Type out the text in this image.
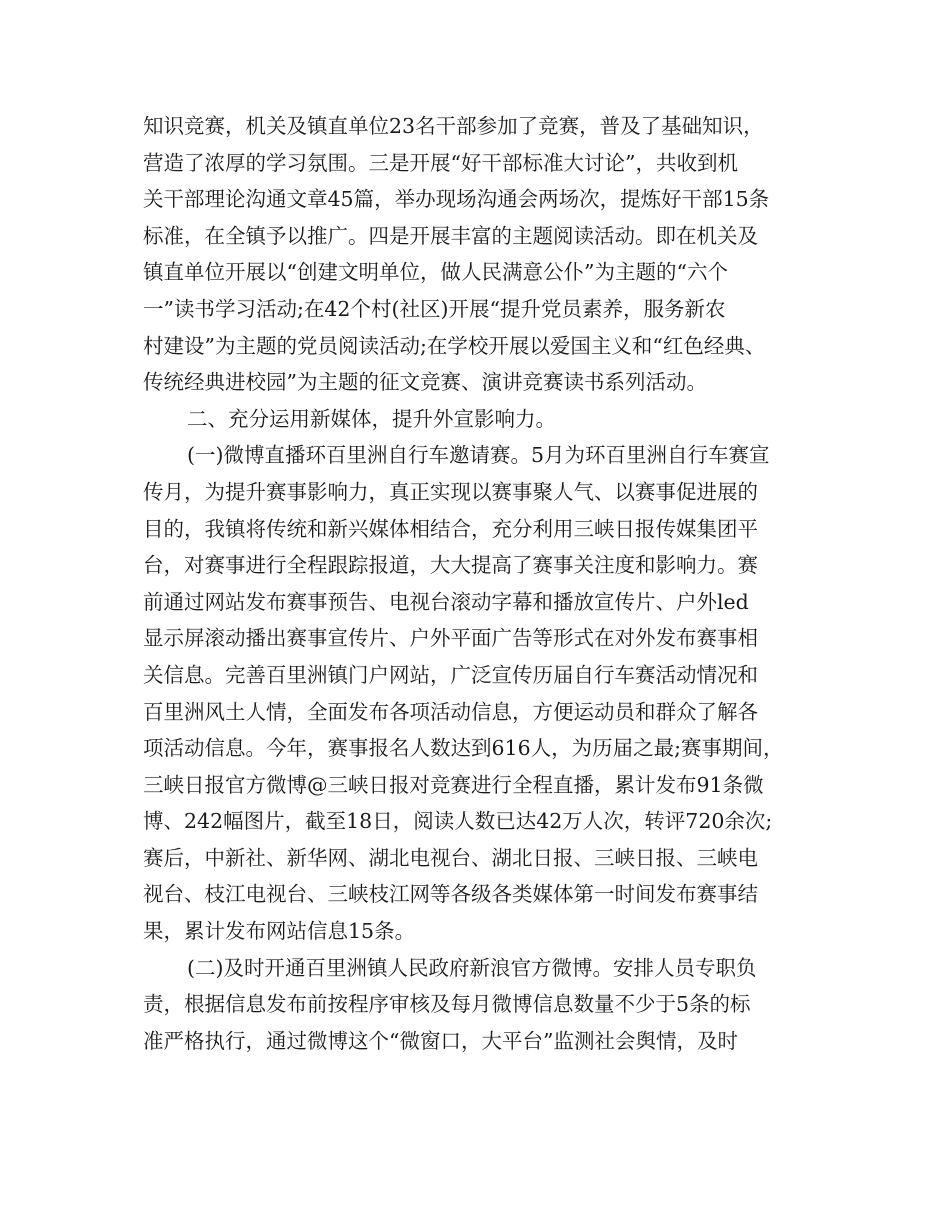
知识竞赛，机关及镇直单位23名干部参加了竞赛，普及了基础知识，
营造了浓厚的学习氛围。三是开展“好干部标准大讨论”，共收到机
关干部理论沟通文章45篇，举办现场沟通会两场次，提炼好干部15条
标准，在全镇予以推广。四是开展丰富的主题阅读活动。即在机关及
镇直单位开展以“创建文明单位，做人民满意公仆”为主题的“六个
一”读书学习活动;在42个村(社区)开展“提升党员素养，服务新农
村建设”为主题的党员阅读活动;在学校开展以爱国主义和“红色经典、
传统经典进校园”为主题的征文竞赛、演讲竞赛读书系列活动。
二、充分运用新媒体，提升外宣影响力。
(一)微博直播环百里洲自行车邀请赛。5月为环百里洲自行车赛宣
传月，为提升赛事影响力，真正实现以赛事聚人气、以赛事促进展的
目的，我镇将传统和新兴媒体相结合，充分利用三峡日报传媒集团平
台，对赛事进行全程跟踪报道，大大提高了赛事关注度和影响力。赛
前通过网站发布赛事预告、电视台滚动字幕和播放宣传片、户外led
显示屏滚动播出赛事宣传片、户外平面广告等形式在对外发布赛事相
关信息。完善百里洲镇门户网站，广泛宣传历届自行车赛活动情况和
百里洲风土人情，全面发布各项活动信息，方便运动员和群众了解各
项活动信息。今年，赛事报名人数达到616人，为历届之最;赛事期间，
三峡日报官方微博@三峡日报对竞赛进行全程直播，累计发布91条微
博、242幅图片，截至18日，阅读人数已达42万人次，转评720余次;
赛后，中新社、新华网、湖北电视台、湖北日报、三峡日报、三峡电
视台、枝江电视台、三峡枝江网等各级各类媒体第一时间发布赛事结
果，累计发布网站信息15条。
(二)及时开通百里洲镇人民政府新浪官方微博。安排人员专职负
责，根据信息发布前按程序审核及每月微博信息数量不少于5条的标
准严格执行，通过微博这个“微窗口，大平台”监测社会舆情，及时
